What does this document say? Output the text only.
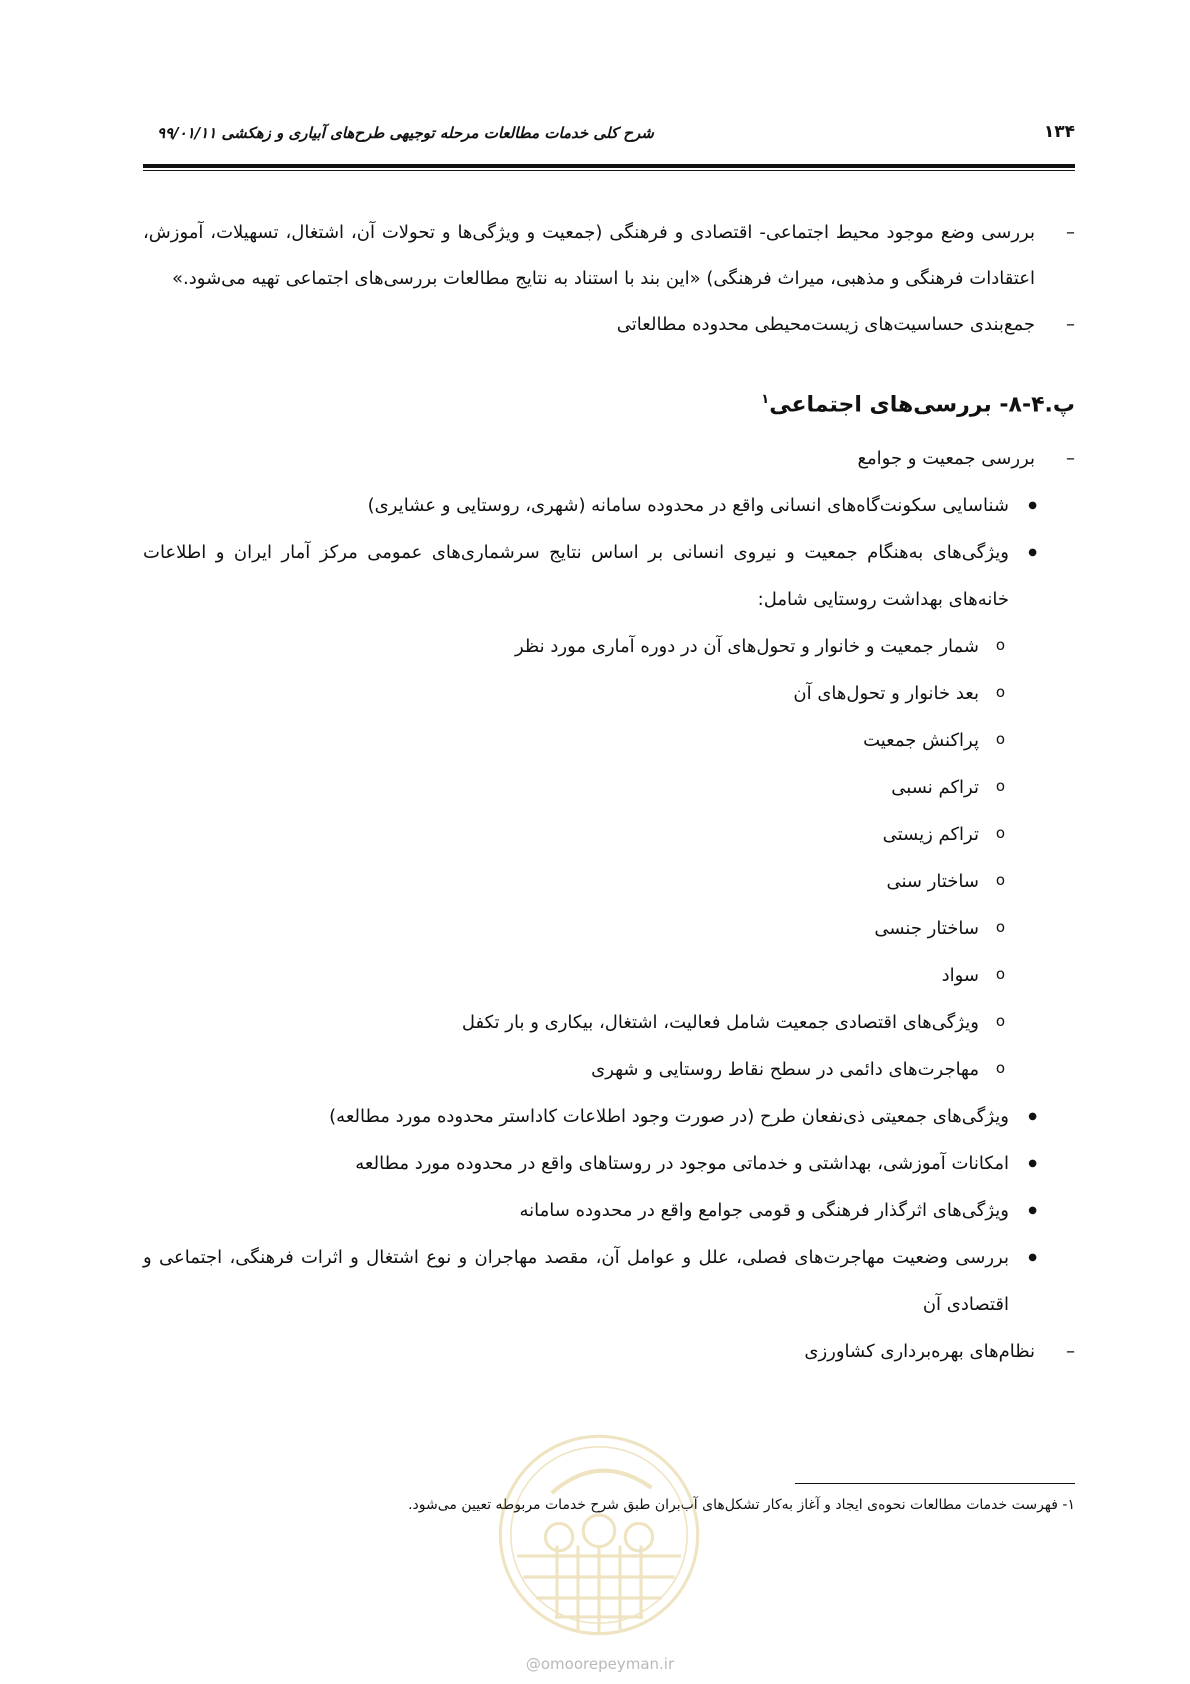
۱۳۴
شرح کلی خدمات مطالعات مرحله توجیهی طرح‌های آبیاری و زهکشی ۹۹/۰۱/۱۱
– بررسی وضع موجود محیط اجتماعی- اقتصادی و فرهنگی (جمعیت و ویژگی‌ها و تحولات آن، اشتغال، تسهیلات، آموزش، اعتقادات فرهنگی و مذهبی، میراث فرهنگی) «این بند با استناد به نتایج مطالعات بررسی‌های اجتماعی تهیه می‌شود.»
– جمع‌بندی حساسیت‌های زیست‌محیطی محدوده مطالعاتی
پ.۴-۸- بررسی‌های اجتماعی$^۱$
– بررسی جمعیت و جوامع
● شناسایی سکونت‌گاه‌های انسانی واقع در محدوده سامانه (شهری، روستایی و عشایری)
● ویژگی‌های به‌هنگام جمعیت و نیروی انسانی بر اساس نتایج سرشماری‌های عمومی مرکز آمار ایران و اطلاعات خانه‌های بهداشت روستایی شامل:
o شمار جمعیت و خانوار و تحول‌های آن در دوره آماری مورد نظر
o بعد خانوار و تحول‌های آن
o پراکنش جمعیت
o تراکم نسبی
o تراکم زیستی
o ساختار سنی
o ساختار جنسی
o سواد
o ویژگی‌های اقتصادی جمعیت شامل فعالیت، اشتغال، بیکاری و بار تکفل
o مهاجرت‌های دائمی در سطح نقاط روستایی و شهری
● ویژگی‌های جمعیتی ذی‌نفعان طرح (در صورت وجود اطلاعات کاداستر محدوده مورد مطالعه)
● امکانات آموزشی، بهداشتی و خدماتی موجود در روستاهای واقع در محدوده مورد مطالعه
● ویژگی‌های اثرگذار فرهنگی و قومی جوامع واقع در محدوده سامانه
● بررسی وضعیت مهاجرت‌های فصلی، علل و عوامل آن، مقصد مهاجران و نوع اشتغال و اثرات فرهنگی، اجتماعی و اقتصادی آن
– نظام‌های بهره‌برداری کشاورزی
۱- فهرست خدمات مطالعات نحوه‌ی ایجاد و آغاز به‌کار تشکل‌های آب‌بران طبق شرح خدمات مربوطه تعیین می‌شود.
@omoorepeyman.ir
